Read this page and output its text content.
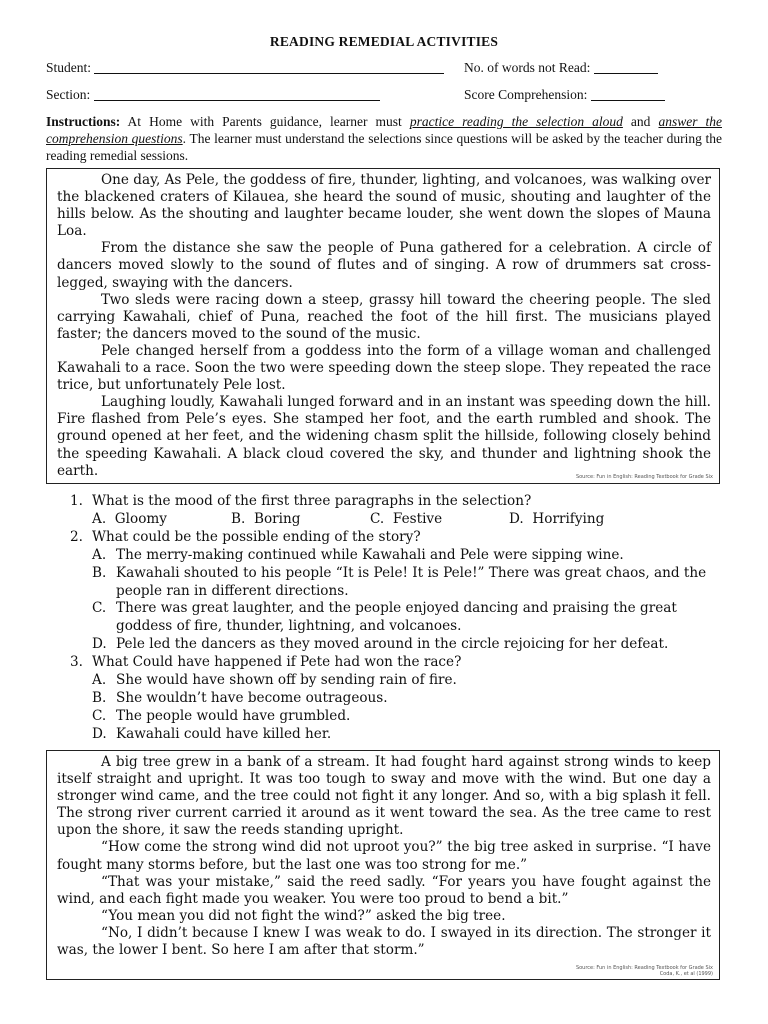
READING REMEDIAL ACTIVITIES
Student:	No. of words not Read:
Section:	Score Comprehension:
Instructions: At Home with Parents guidance, learner must practice reading the selection aloud and answer the comprehension questions. The learner must understand the selections since questions will be asked by the teacher during the reading remedial sessions.

One day, As Pele, the goddess of fire, thunder, lighting, and volcanoes, was walking over the blackened craters of Kilauea, she heard the sound of music, shouting and laughter of the hills below. As the shouting and laughter became louder, she went down the slopes of Mauna Loa.

From the distance she saw the people of Puna gathered for a celebration. A circle of dancers moved slowly to the sound of flutes and of singing. A row of drummers sat cross-legged, swaying with the dancers.

Two sleds were racing down a steep, grassy hill toward the cheering people. The sled carrying Kawahali, chief of Puna, reached the foot of the hill first. The musicians played faster; the dancers moved to the sound of the music.

Pele changed herself from a goddess into the form of a village woman and challenged Kawahali to a race. Soon the two were speeding down the steep slope. They repeated the race trice, but unfortunately Pele lost.

Laughing loudly, Kawahali lunged forward and in an instant was speeding down the hill. Fire flashed from Pele’s eyes. She stamped her foot, and the earth rumbled and shook. The ground opened at her feet, and the widening chasm split the hillside, following closely behind the speeding Kawahali. A black cloud covered the sky, and thunder and lightning shook the earth.	Source: Fun in English: Reading Textbook for Grade Six
1. What is the mood of the first three paragraphs in the selection?
A. Gloomy	B. Boring	C. Festive	D. Horrifying
2. What could be the possible ending of the story?
A. The merry-making continued while Kawahali and Pele were sipping wine.
B. Kawahali shouted to his people “It is Pele! It is Pele!” There was great chaos, and the people ran in different directions.
C. There was great laughter, and the people enjoyed dancing and praising the great goddess of fire, thunder, lightning, and volcanoes.
D. Pele led the dancers as they moved around in the circle rejoicing for her defeat.
3. What Could have happened if Pete had won the race?
A. She would have shown off by sending rain of fire.
B. She wouldn’t have become outrageous.
C. The people would have grumbled.
D. Kawahali could have killed her.

A big tree grew in a bank of a stream. It had fought hard against strong winds to keep itself straight and upright. It was too tough to sway and move with the wind. But one day a stronger wind came, and the tree could not fight it any longer. And so, with a big splash it fell. The strong river current carried it around as it went toward the sea. As the tree came to rest upon the shore, it saw the reeds standing upright.

“How come the strong wind did not uproot you?” the big tree asked in surprise. “I have fought many storms before, but the last one was too strong for me.”

“That was your mistake,” said the reed sadly. “For years you have fought against the wind, and each fight made you weaker. You were too proud to bend a bit.”

“You mean you did not fight the wind?” asked the big tree.

“No, I didn’t because I knew I was weak to do. I swayed in its direction. The stronger it was, the lower I bent. So here I am after that storm.”

Source: Fun in English: Reading Textbook for Grade Six
Coda, K., et al (1999)
